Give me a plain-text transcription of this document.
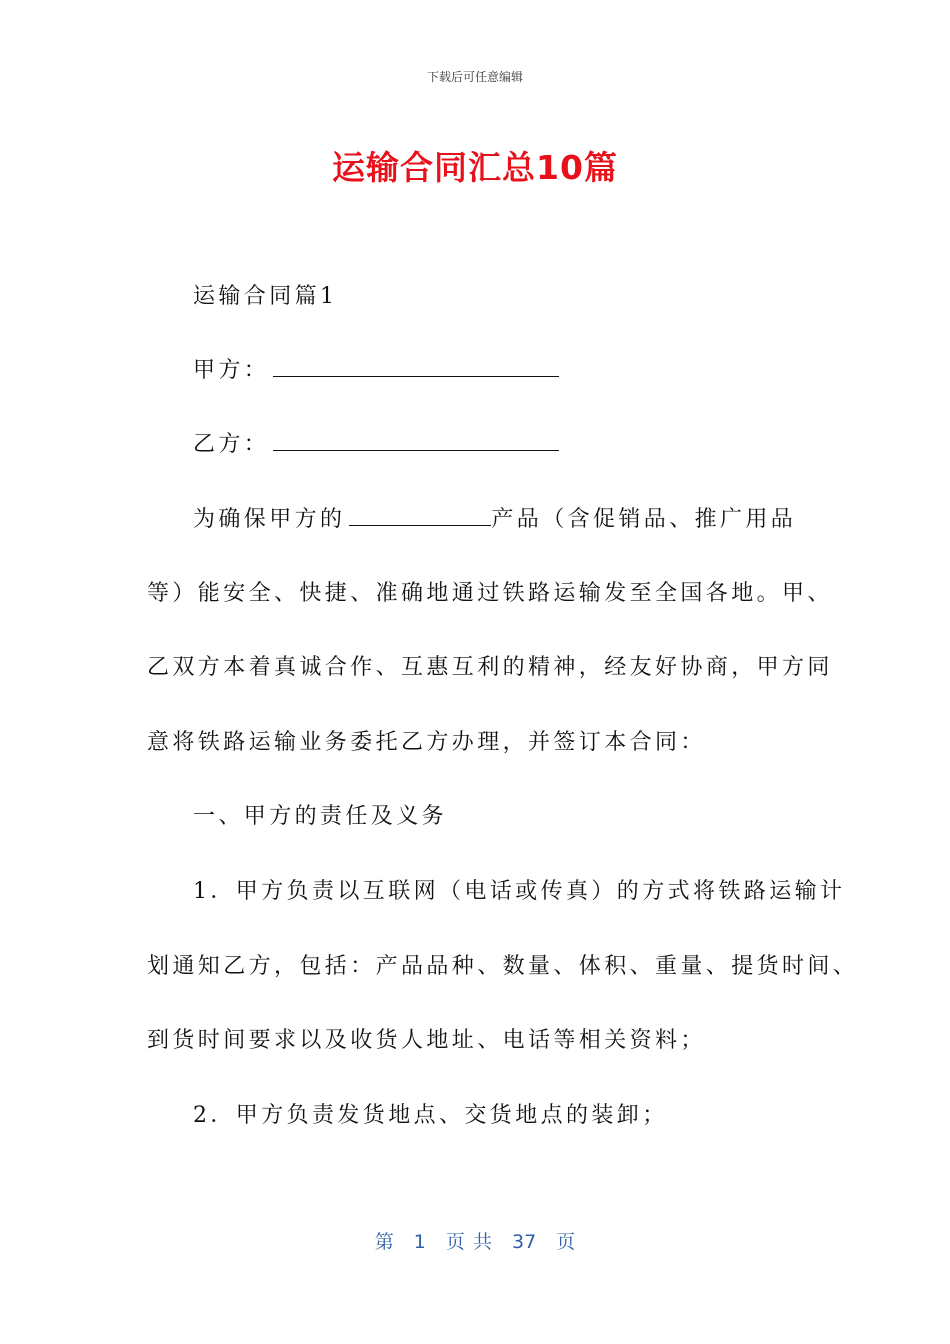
下载后可任意编辑
运输合同汇总10篇
运输合同篇1
甲方：
乙方：
为确保甲方的	产品（含促销品、推广用品
等）能安全、快捷、准确地通过铁路运输发至全国各地。甲、
乙双方本着真诚合作、互惠互利的精神，经友好协商，甲方同
意将铁路运输业务委托乙方办理，并签订本合同：
一、甲方的责任及义务
1．甲方负责以互联网（电话或传真）的方式将铁路运输计
划通知乙方，包括：产品品种、数量、体积、重量、提货时间、
到货时间要求以及收货人地址、电话等相关资料；
2．甲方负责发货地点、交货地点的装卸；
第 1 页 共 37 页
